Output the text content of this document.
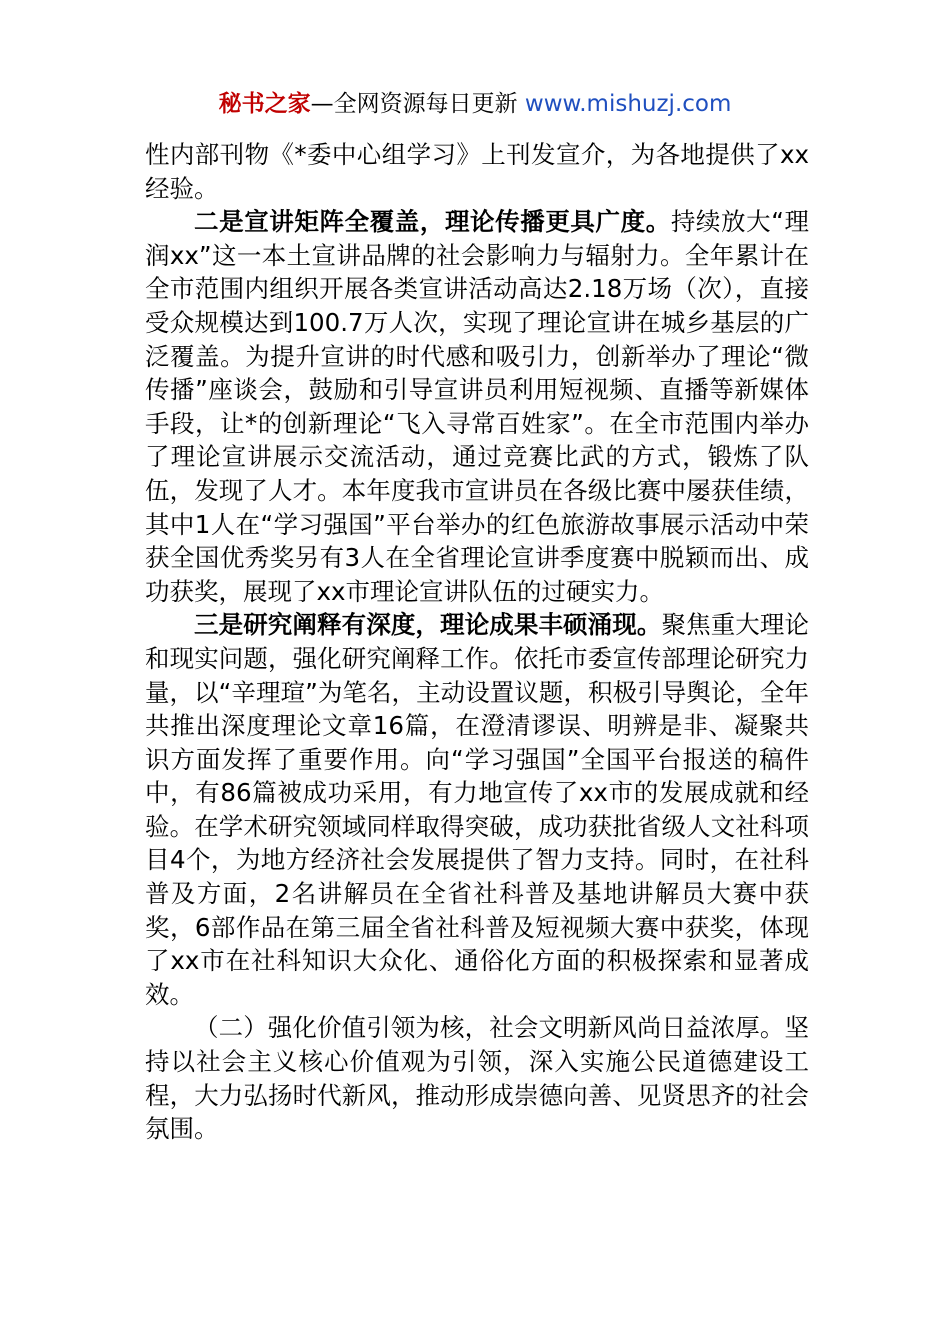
秘书之家—全网资源每日更新 www.mishuzj.com

性内部刊物《*委中心组学习》上刊发宣介，为各地提供了xx经验。

二是宣讲矩阵全覆盖，理论传播更具广度。持续放大“理润xx”这一本土宣讲品牌的社会影响力与辐射力。全年累计在全市范围内组织开展各类宣讲活动高达2.18万场（次），直接受众规模达到100.7万人次，实现了理论宣讲在城乡基层的广泛覆盖。为提升宣讲的时代感和吸引力，创新举办了理论“微传播”座谈会，鼓励和引导宣讲员利用短视频、直播等新媒体手段，让*的创新理论“飞入寻常百姓家”。在全市范围内举办了理论宣讲展示交流活动，通过竞赛比武的方式，锻炼了队伍，发现了人才。本年度我市宣讲员在各级比赛中屡获佳绩，其中1人在“学习强国”平台举办的红色旅游故事展示活动中荣获全国优秀奖另有3人在全省理论宣讲季度赛中脱颖而出、成功获奖，展现了xx市理论宣讲队伍的过硬实力。

三是研究阐释有深度，理论成果丰硕涌现。聚焦重大理论和现实问题，强化研究阐释工作。依托市委宣传部理论研究力量，以“辛理瑄”为笔名，主动设置议题，积极引导舆论，全年共推出深度理论文章16篇，在澄清谬误、明辨是非、凝聚共识方面发挥了重要作用。向“学习强国”全国平台报送的稿件中，有86篇被成功采用，有力地宣传了xx市的发展成就和经验。在学术研究领域同样取得突破，成功获批省级人文社科项目4个，为地方经济社会发展提供了智力支持。同时，在社科普及方面，2名讲解员在全省社科普及基地讲解员大赛中获奖，6部作品在第三届全省社科普及短视频大赛中获奖，体现了xx市在社科知识大众化、通俗化方面的积极探索和显著成效。

（二）强化价值引领为核，社会文明新风尚日益浓厚。坚持以社会主义核心价值观为引领，深入实施公民道德建设工程，大力弘扬时代新风，推动形成崇德向善、见贤思齐的社会氛围。
